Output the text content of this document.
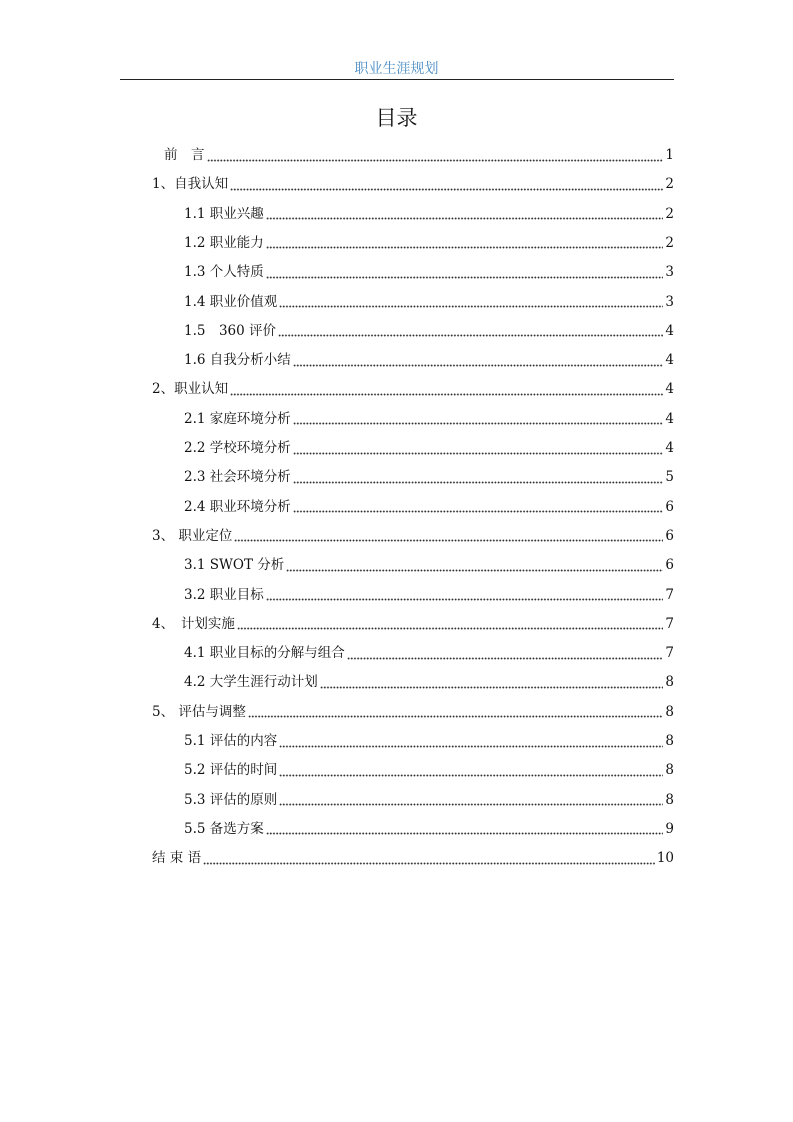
职业生涯规划
目录
前　言	1
1、自我认知	2
1.1 职业兴趣	2
1.2 职业能力	2
1.3 个人特质	3
1.4 职业价值观	3
1.5　360 评价	4
1.6 自我分析小结	4
2、职业认知	4
2.1 家庭环境分析	4
2.2 学校环境分析	4
2.3 社会环境分析	5
2.4 职业环境分析	6
3、 职业定位	6
3.1 SWOT 分析	6
3.2 职业目标	7
4、　计划实施	7
4.1 职业目标的分解与组合	7
4.2 大学生涯行动计划	8
5、 评估与调整	8
5.1 评估的内容	8
5.2 评估的时间	8
5.3 评估的原则	8
5.5 备选方案	9
结 束 语	10
